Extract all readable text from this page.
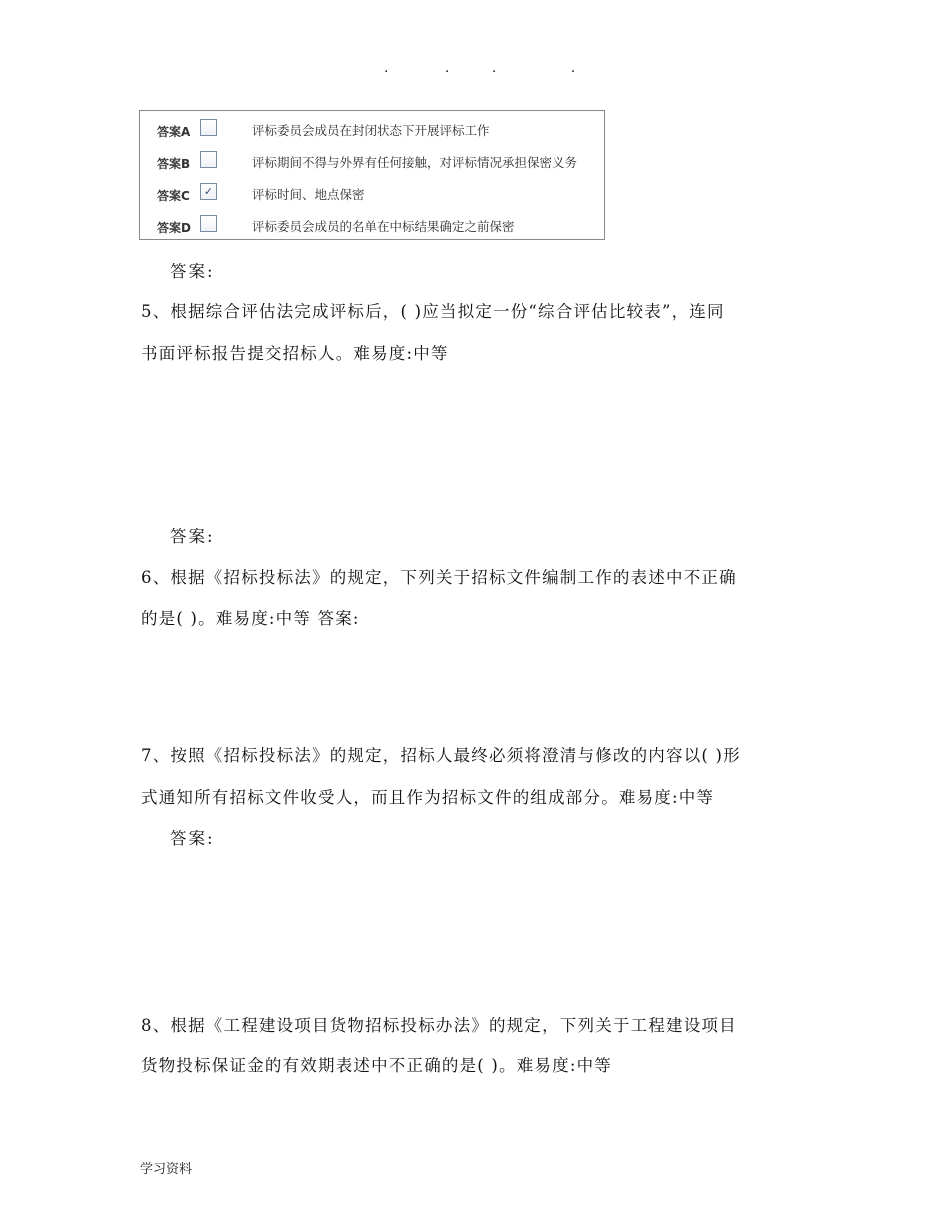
.	.	.	.
答案A	评标委员会成员在封闭状态下开展评标工作
答案B	评标期间不得与外界有任何接触，对评标情况承担保密义务
答案C	✓	评标时间、地点保密
答案D	评标委员会成员的名单在中标结果确定之前保密
答案:
5、根据综合评估法完成评标后，( )应当拟定一份“综合评估比较表”，连同
书面评标报告提交招标人。难易度:中等
答案:
6、根据《招标投标法》的规定，下列关于招标文件编制工作的表述中不正确
的是( )。难易度:中等 答案:
7、按照《招标投标法》的规定，招标人最终必须将澄清与修改的内容以( )形
式通知所有招标文件收受人，而且作为招标文件的组成部分。难易度:中等
答案:
8、根据《工程建设项目货物招标投标办法》的规定，下列关于工程建设项目
货物投标保证金的有效期表述中不正确的是( )。难易度:中等
学习资料
